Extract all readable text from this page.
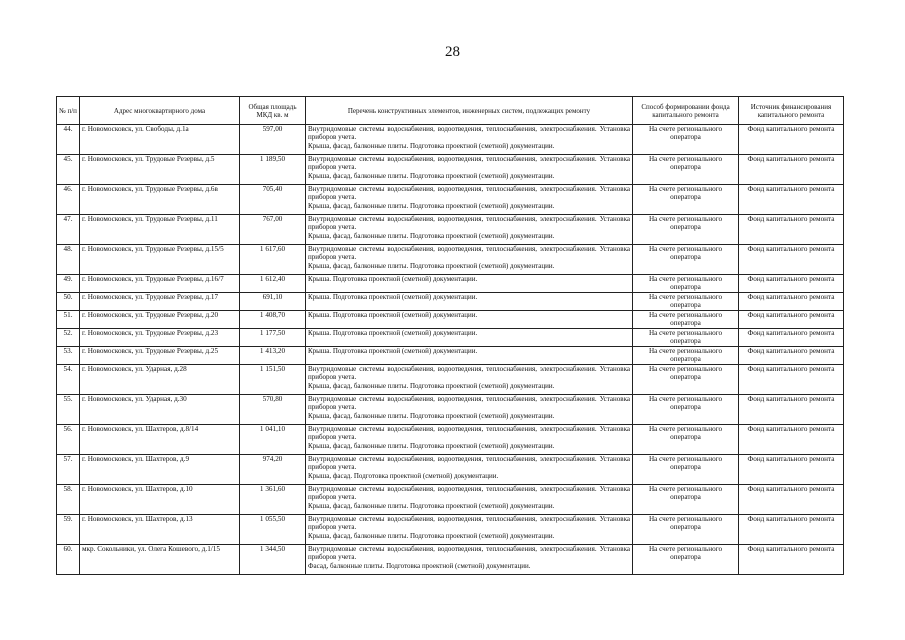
28
№ п/п	Адрес многоквартирного дома	Общая площадь МКД кв. м	Перечень конструктивных элементов, инженерных систем, подлежащих ремонту	Способ формировании фонда капитального ремонта	Источник финансирования капитального ремонта
44.	г. Новомосковск, ул. Свободы, д.1а	597,00	Внутридомовые системы водоснабжения, водоотведения, теплоснабжения, электроснабжения. Установка приборов учета.
Крыша, фасад, балконные плиты. Подготовка проектной (сметной) документации.	На счете регионального оператора	Фонд капитального ремонта
45.	г. Новомосковск, ул. Трудовые Резервы, д.5	1 189,50	Внутридомовые системы водоснабжения, водоотведения, теплоснабжения, электроснабжения. Установка приборов учета.
Крыша, фасад, балконные плиты. Подготовка проектной (сметной) документации.	На счете регионального оператора	Фонд капитального ремонта
46.	г. Новомосковск, ул. Трудовые Резервы, д.6в	705,40	Внутридомовые системы водоснабжения, водоотведения, теплоснабжения, электроснабжения. Установка приборов учета.
Крыша, фасад, балконные плиты. Подготовка проектной (сметной) документации.	На счете регионального оператора	Фонд капитального ремонта
47.	г. Новомосковск, ул. Трудовые Резервы, д.11	767,00	Внутридомовые системы водоснабжения, водоотведения, теплоснабжения, электроснабжения. Установка приборов учета.
Крыша, фасад, балконные плиты. Подготовка проектной (сметной) документации.	На счете регионального оператора	Фонд капитального ремонта
48.	г. Новомосковск, ул. Трудовые Резервы, д.15/5	1 617,60	Внутридомовые системы водоснабжения, водоотведения, теплоснабжения, электроснабжения. Установка приборов учета.
Крыша, фасад, балконные плиты. Подготовка проектной (сметной) документации.	На счете регионального оператора	Фонд капитального ремонта
49.	г. Новомосковск, ул. Трудовые Резервы, д.16/7	1 612,40	Крыша. Подготовка проектной (сметной) документации.	На счете регионального оператора	Фонд капитального ремонта
50.	г. Новомосковск, ул. Трудовые Резервы, д.17	691,10	Крыша. Подготовка проектной (сметной) документации.	На счете регионального оператора	Фонд капитального ремонта
51.	г. Новомосковск, ул. Трудовые Резервы, д.20	1 408,70	Крыша. Подготовка проектной (сметной) документации.	На счете регионального оператора	Фонд капитального ремонта
52.	г. Новомосковск, ул. Трудовые Резервы, д.23	1 177,50	Крыша. Подготовка проектной (сметной) документации.	На счете регионального оператора	Фонд капитального ремонта
53.	г. Новомосковск, ул. Трудовые Резервы, д.25	1 413,20	Крыша. Подготовка проектной (сметной) документации.	На счете регионального оператора	Фонд капитального ремонта
54.	г. Новомосковск, ул. Ударная, д.28	1 151,50	Внутридомовые системы водоснабжения, водоотведения, теплоснабжения, электроснабжения. Установка приборов учета.
Крыша, фасад, балконные плиты. Подготовка проектной (сметной) документации.	На счете регионального оператора	Фонд капитального ремонта
55.	г. Новомосковск, ул. Ударная, д.30	570,80	Внутридомовые системы водоснабжения, водоотведения, теплоснабжения, электроснабжения. Установка приборов учета.
Крыша, фасад, балконные плиты. Подготовка проектной (сметной) документации.	На счете регионального оператора	Фонд капитального ремонта
56.	г. Новомосковск, ул. Шахтеров, д.8/14	1 041,10	Внутридомовые системы водоснабжения, водоотведения, теплоснабжения, электроснабжения. Установка приборов учета.
Крыша, фасад, балконные плиты. Подготовка проектной (сметной) документации.	На счете регионального оператора	Фонд капитального ремонта
57.	г. Новомосковск, ул. Шахтеров, д.9	974,20	Внутридомовые системы водоснабжения, водоотведения, теплоснабжения, электроснабжения. Установка приборов учета.
Крыша, фасад. Подготовка проектной (сметной) документации.	На счете регионального оператора	Фонд капитального ремонта
58.	г. Новомосковск, ул. Шахтеров, д.10	1 361,60	Внутридомовые системы водоснабжения, водоотведения, теплоснабжения, электроснабжения. Установка приборов учета.
Крыша, фасад, балконные плиты. Подготовка проектной (сметной) документации.	На счете регионального оператора	Фонд капитального ремонта
59.	г. Новомосковск, ул. Шахтеров, д.13	1 055,50	Внутридомовые системы водоснабжения, водоотведения, теплоснабжения, электроснабжения. Установка приборов учета.
Крыша, фасад, балконные плиты. Подготовка проектной (сметной) документации.	На счете регионального оператора	Фонд капитального ремонта
60.	мкр. Сокольники, ул. Олега Кошевого, д.1/15	1 344,50	Внутридомовые системы водоснабжения, водоотведения, теплоснабжения, электроснабжения. Установка приборов учета.
Фасад, балконные плиты. Подготовка проектной (сметной) документации.	На счете регионального оператора	Фонд капитального ремонта
